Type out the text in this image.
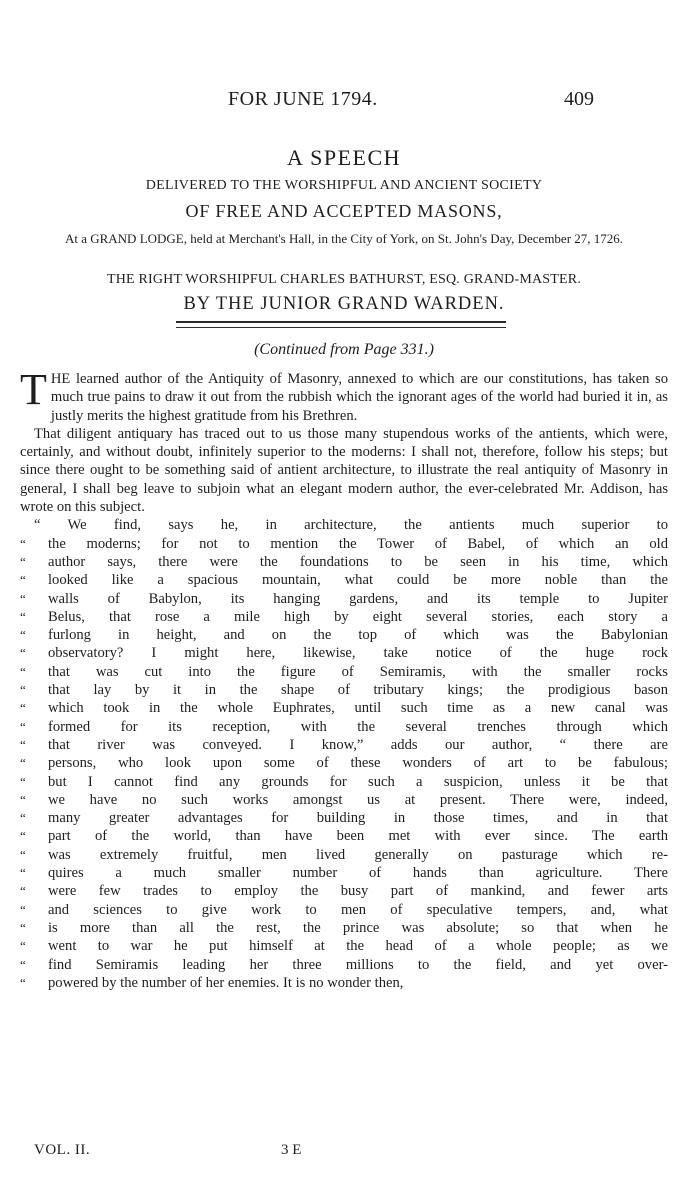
FOR JUNE 1794.	409
A SPEECH
DELIVERED TO THE WORSHIPFUL AND ANCIENT SOCIETY
OF FREE AND ACCEPTED MASONS,
At a GRAND LODGE, held at Merchant's Hall, in the City of York, on St. John's Day, December 27, 1726.
THE RIGHT WORSHIPFUL CHARLES BATHURST, ESQ. GRAND-MASTER.
BY THE JUNIOR GRAND WARDEN.
(Continued from Page 331.)

THE learned author of the Antiquity of Masonry, annexed to which are our constitutions, has taken so much true pains to draw it out from the rubbish which the ignorant ages of the world had buried it in, as justly merits the highest gratitude from his Brethren.

That diligent antiquary has traced out to us those many stupendous works of the antients, which were, certainly, and without doubt, infinitely superior to the moderns: I shall not, therefore, follow his steps; but since there ought to be something said of antient architecture, to illustrate the real antiquity of Masonry in general, I shall beg leave to subjoin what an elegant modern author, the ever-celebrated Mr. Addison, has wrote on this subject.

“ We find, says he, in architecture, the antients much superior to
“ the moderns; for not to mention the Tower of Babel, of which an old
“ author says, there were the foundations to be seen in his time, which
“ looked like a spacious mountain, what could be more noble than the
“ walls of Babylon, its hanging gardens, and its temple to Jupiter
“ Belus, that rose a mile high by eight several stories, each story a
“ furlong in height, and on the top of which was the Babylonian
“ observatory? I might here, likewise, take notice of the huge rock
“ that was cut into the figure of Semiramis, with the smaller rocks
“ that lay by it in the shape of tributary kings; the prodigious bason
“ which took in the whole Euphrates, until such time as a new canal was
“ formed for its reception, with the several trenches through which
“ that river was conveyed. I know,” adds our author, “ there are
“ persons, who look upon some of these wonders of art to be fabulous;
“ but I cannot find any grounds for such a suspicion, unless it be that
“ we have no such works amongst us at present. There were, indeed,
“ many greater advantages for building in those times, and in that
“ part of the world, than have been met with ever since. The earth
“ was extremely fruitful, men lived generally on pasturage which re-
“ quires a much smaller number of hands than agriculture. There
“ were few trades to employ the busy part of mankind, and fewer arts
“ and sciences to give work to men of speculative tempers, and, what
“ is more than all the rest, the prince was absolute; so that when he
“ went to war he put himself at the head of a whole people; as we
“ find Semiramis leading her three millions to the field, and yet over-
“ powered by the number of her enemies. It is no wonder then,
VOL. II.	3 E
